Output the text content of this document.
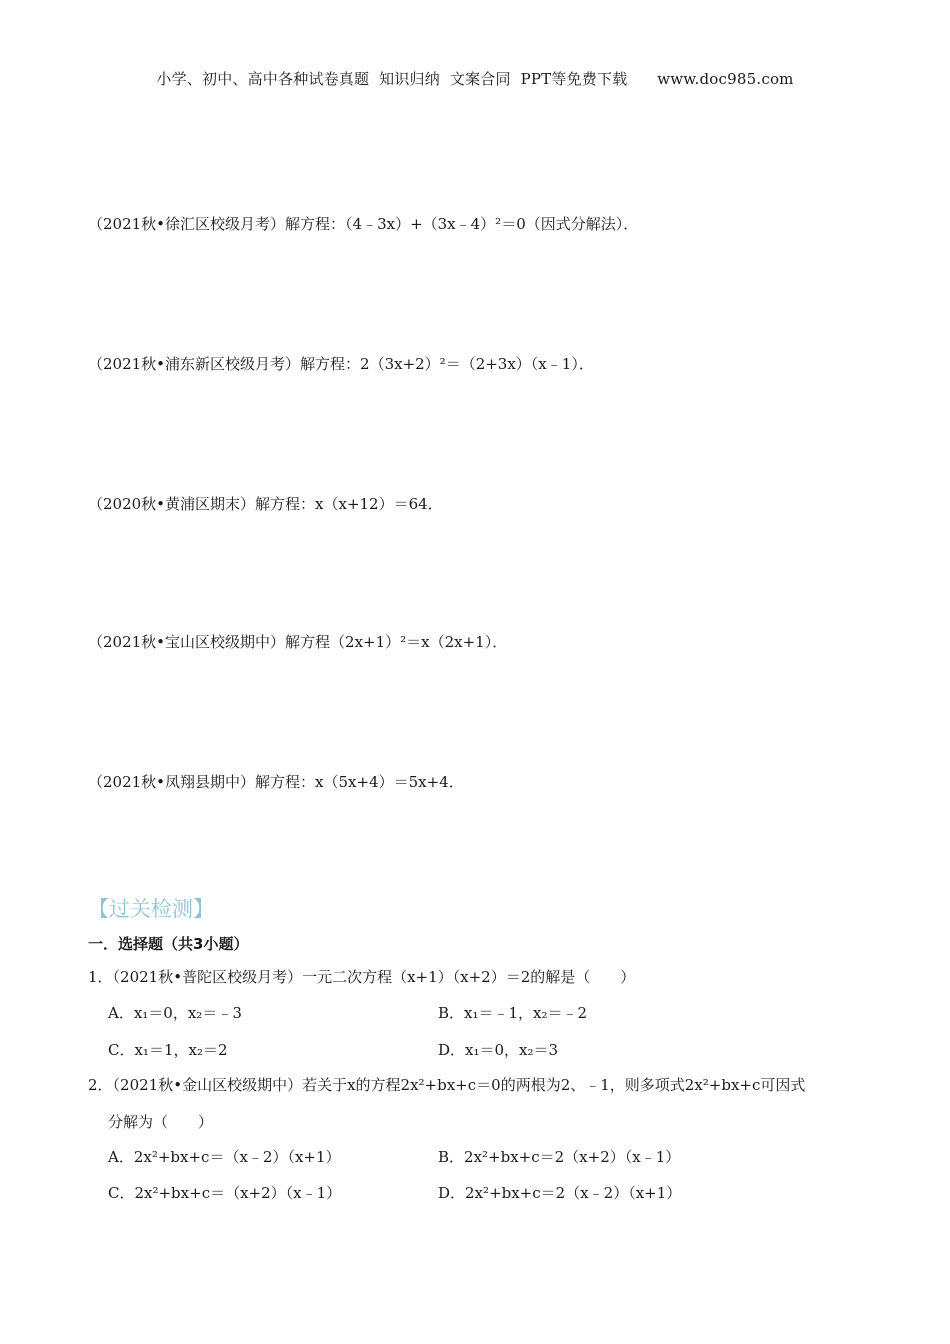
小学、初中、高中各种试卷真题  知识归纳  文案合同  PPT等免费下载      www.doc985.com
（2021秋•徐汇区校级月考）解方程：（4﹣3x）+（3x﹣4）²＝0（因式分解法）．
（2021秋•浦东新区校级月考）解方程：2（3x+2）²＝（2+3x）（x﹣1）．
（2020秋•黄浦区期末）解方程：x（x+12）＝64．
（2021秋•宝山区校级期中）解方程（2x+1）²＝x（2x+1）．
（2021秋•凤翔县期中）解方程：x（5x+4）＝5x+4．
【过关检测】
一．选择题（共3小题）
1．（2021秋•普陀区校级月考）一元二次方程（x+1）（x+2）＝2的解是（　　）
A．x₁＝0，x₂＝﹣3	B．x₁＝﹣1，x₂＝﹣2
C．x₁＝1，x₂＝2	D．x₁＝0，x₂＝3
2．（2021秋•金山区校级期中）若关于x的方程2x²+bx+c＝0的两根为2、﹣1，则多项式2x²+bx+c可因式
分解为（　　）
A．2x²+bx+c＝（x﹣2）（x+1）	B．2x²+bx+c＝2（x+2）（x﹣1）
C．2x²+bx+c＝（x+2）（x﹣1）	D．2x²+bx+c＝2（x﹣2）（x+1）
